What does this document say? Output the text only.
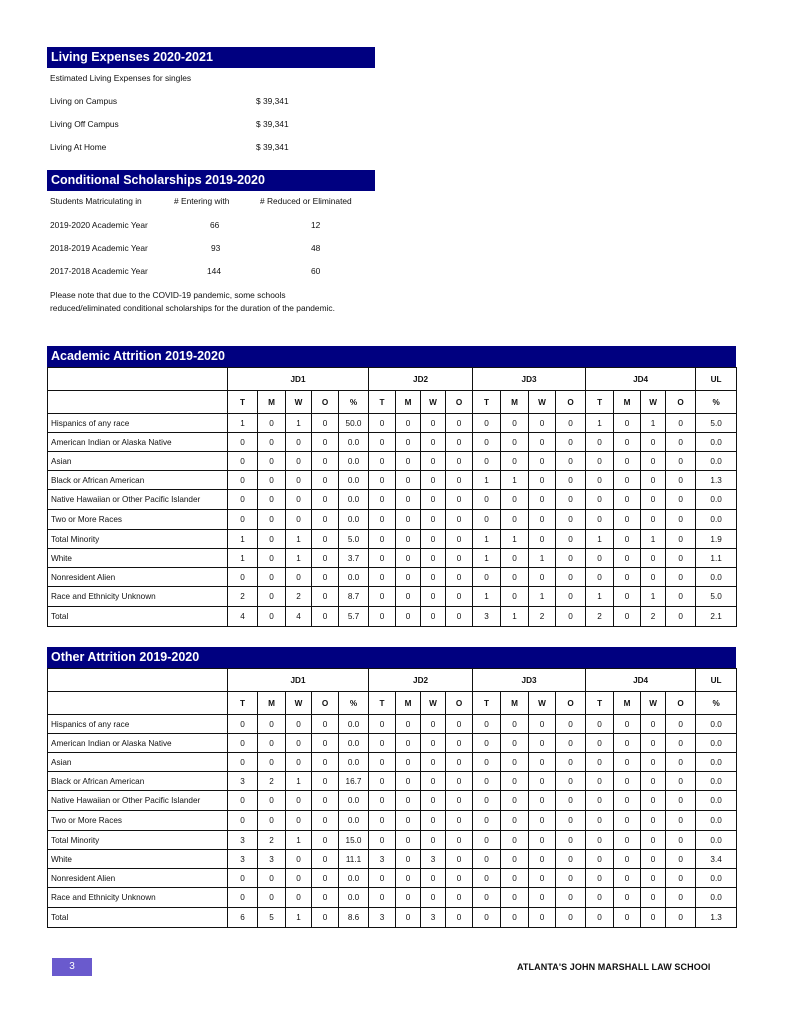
Living Expenses 2020-2021
Estimated Living Expenses for singles
Living on Campus	$ 39,341
Living Off Campus	$ 39,341
Living At Home	$ 39,341
Conditional Scholarships 2019-2020
Students Matriculating in	# Entering with	# Reduced or Eliminated
2019-2020 Academic Year	66	12
2018-2019 Academic Year	93	48
2017-2018 Academic Year	144	60
Please note that due to the COVID-19 pandemic, some schools reduced/eliminated conditional scholarships for the duration of the pandemic.
Academic Attrition 2019-2020
	JD1					JD2				JD3				JD4				UL
	T	M	W	O	%	T	M	W	O	T	M	W	O	T	M	W	O	%
Hispanics of any race	1	0	1	0	50.0	0	0	0	0	0	0	0	0	1	0	1	0	5.0
American Indian or Alaska Native	0	0	0	0	0.0	0	0	0	0	0	0	0	0	0	0	0	0	0.0
Asian	0	0	0	0	0.0	0	0	0	0	0	0	0	0	0	0	0	0	0.0
Black or African American	0	0	0	0	0.0	0	0	0	0	1	1	0	0	0	0	0	0	1.3
Native Hawaiian or Other Pacific Islander	0	0	0	0	0.0	0	0	0	0	0	0	0	0	0	0	0	0	0.0
Two or More Races	0	0	0	0	0.0	0	0	0	0	0	0	0	0	0	0	0	0	0.0
Total Minority	1	0	1	0	5.0	0	0	0	0	1	1	0	0	1	0	1	0	1.9
White	1	0	1	0	3.7	0	0	0	0	1	0	1	0	0	0	0	0	1.1
Nonresident Alien	0	0	0	0	0.0	0	0	0	0	0	0	0	0	0	0	0	0	0.0
Race and Ethnicity Unknown	2	0	2	0	8.7	0	0	0	0	1	0	1	0	1	0	1	0	5.0
Total	4	0	4	0	5.7	0	0	0	0	3	1	2	0	2	0	2	0	2.1
Other Attrition 2019-2020
	JD1					JD2				JD3				JD4				UL
	T	M	W	O	%	T	M	W	O	T	M	W	O	T	M	W	O	%
Hispanics of any race	0	0	0	0	0.0	0	0	0	0	0	0	0	0	0	0	0	0	0.0
American Indian or Alaska Native	0	0	0	0	0.0	0	0	0	0	0	0	0	0	0	0	0	0	0.0
Asian	0	0	0	0	0.0	0	0	0	0	0	0	0	0	0	0	0	0	0.0
Black or African American	3	2	1	0	16.7	0	0	0	0	0	0	0	0	0	0	0	0	0.0
Native Hawaiian or Other Pacific Islander	0	0	0	0	0.0	0	0	0	0	0	0	0	0	0	0	0	0	0.0
Two or More Races	0	0	0	0	0.0	0	0	0	0	0	0	0	0	0	0	0	0	0.0
Total Minority	3	2	1	0	15.0	0	0	0	0	0	0	0	0	0	0	0	0	0.0
White	3	3	0	0	11.1	3	0	3	0	0	0	0	0	0	0	0	0	3.4
Nonresident Alien	0	0	0	0	0.0	0	0	0	0	0	0	0	0	0	0	0	0	0.0
Race and Ethnicity Unknown	0	0	0	0	0.0	0	0	0	0	0	0	0	0	0	0	0	0	0.0
Total	6	5	1	0	8.6	3	0	3	0	0	0	0	0	0	0	0	0	1.3
3	ATLANTA'S JOHN MARSHALL LAW SCHOOl
